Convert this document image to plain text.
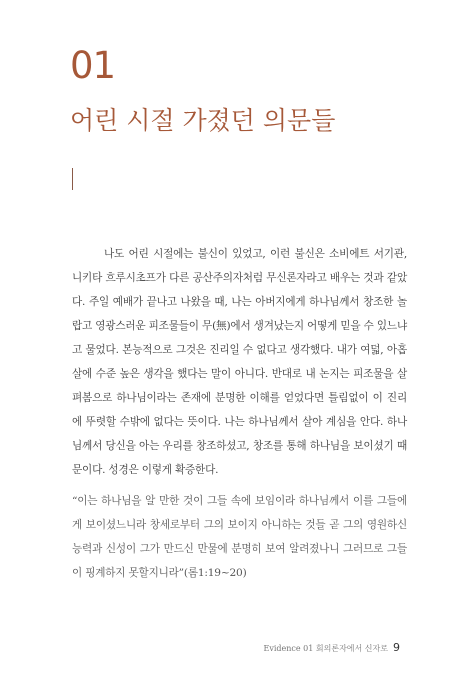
01
어린 시절 가졌던 의문들

나도 어린 시절에는 불신이 있었고, 이런 불신은 소비에트 서기관, 니키타 흐루시초프가 다른 공산주의자처럼 무신론자라고 배우는 것과 같았다. 주일 예배가 끝나고 나왔을 때, 나는 아버지에게 하나님께서 창조한 놀랍고 영광스러운 피조물들이 무(無)에서 생겨났는지 어떻게 믿을 수 있느냐고 물었다. 본능적으로 그것은 진리일 수 없다고 생각했다. 내가 여덟, 아홉 살에 수준 높은 생각을 했다는 말이 아니다. 반대로 내 논지는 피조물을 살펴봄으로 하나님이라는 존재에 분명한 이해를 얻었다면 틀림없이 이 진리에 뚜렷할 수밖에 없다는 뜻이다. 나는 하나님께서 살아 계심을 안다. 하나님께서 당신을 아는 우리를 창조하셨고, 창조를 통해 하나님을 보이셨기 때문이다. 성경은 이렇게 확증한다.

“이는 하나님을 알 만한 것이 그들 속에 보임이라 하나님께서 이를 그들에게 보이셨느니라 창세로부터 그의 보이지 아니하는 것들 곧 그의 영원하신 능력과 신성이 그가 만드신 만물에 분명히 보여 알려졌나니 그러므로 그들이 핑계하지 못할지니라”(롬1:19~20)

Evidence 01 회의론자에서 신자로 9
